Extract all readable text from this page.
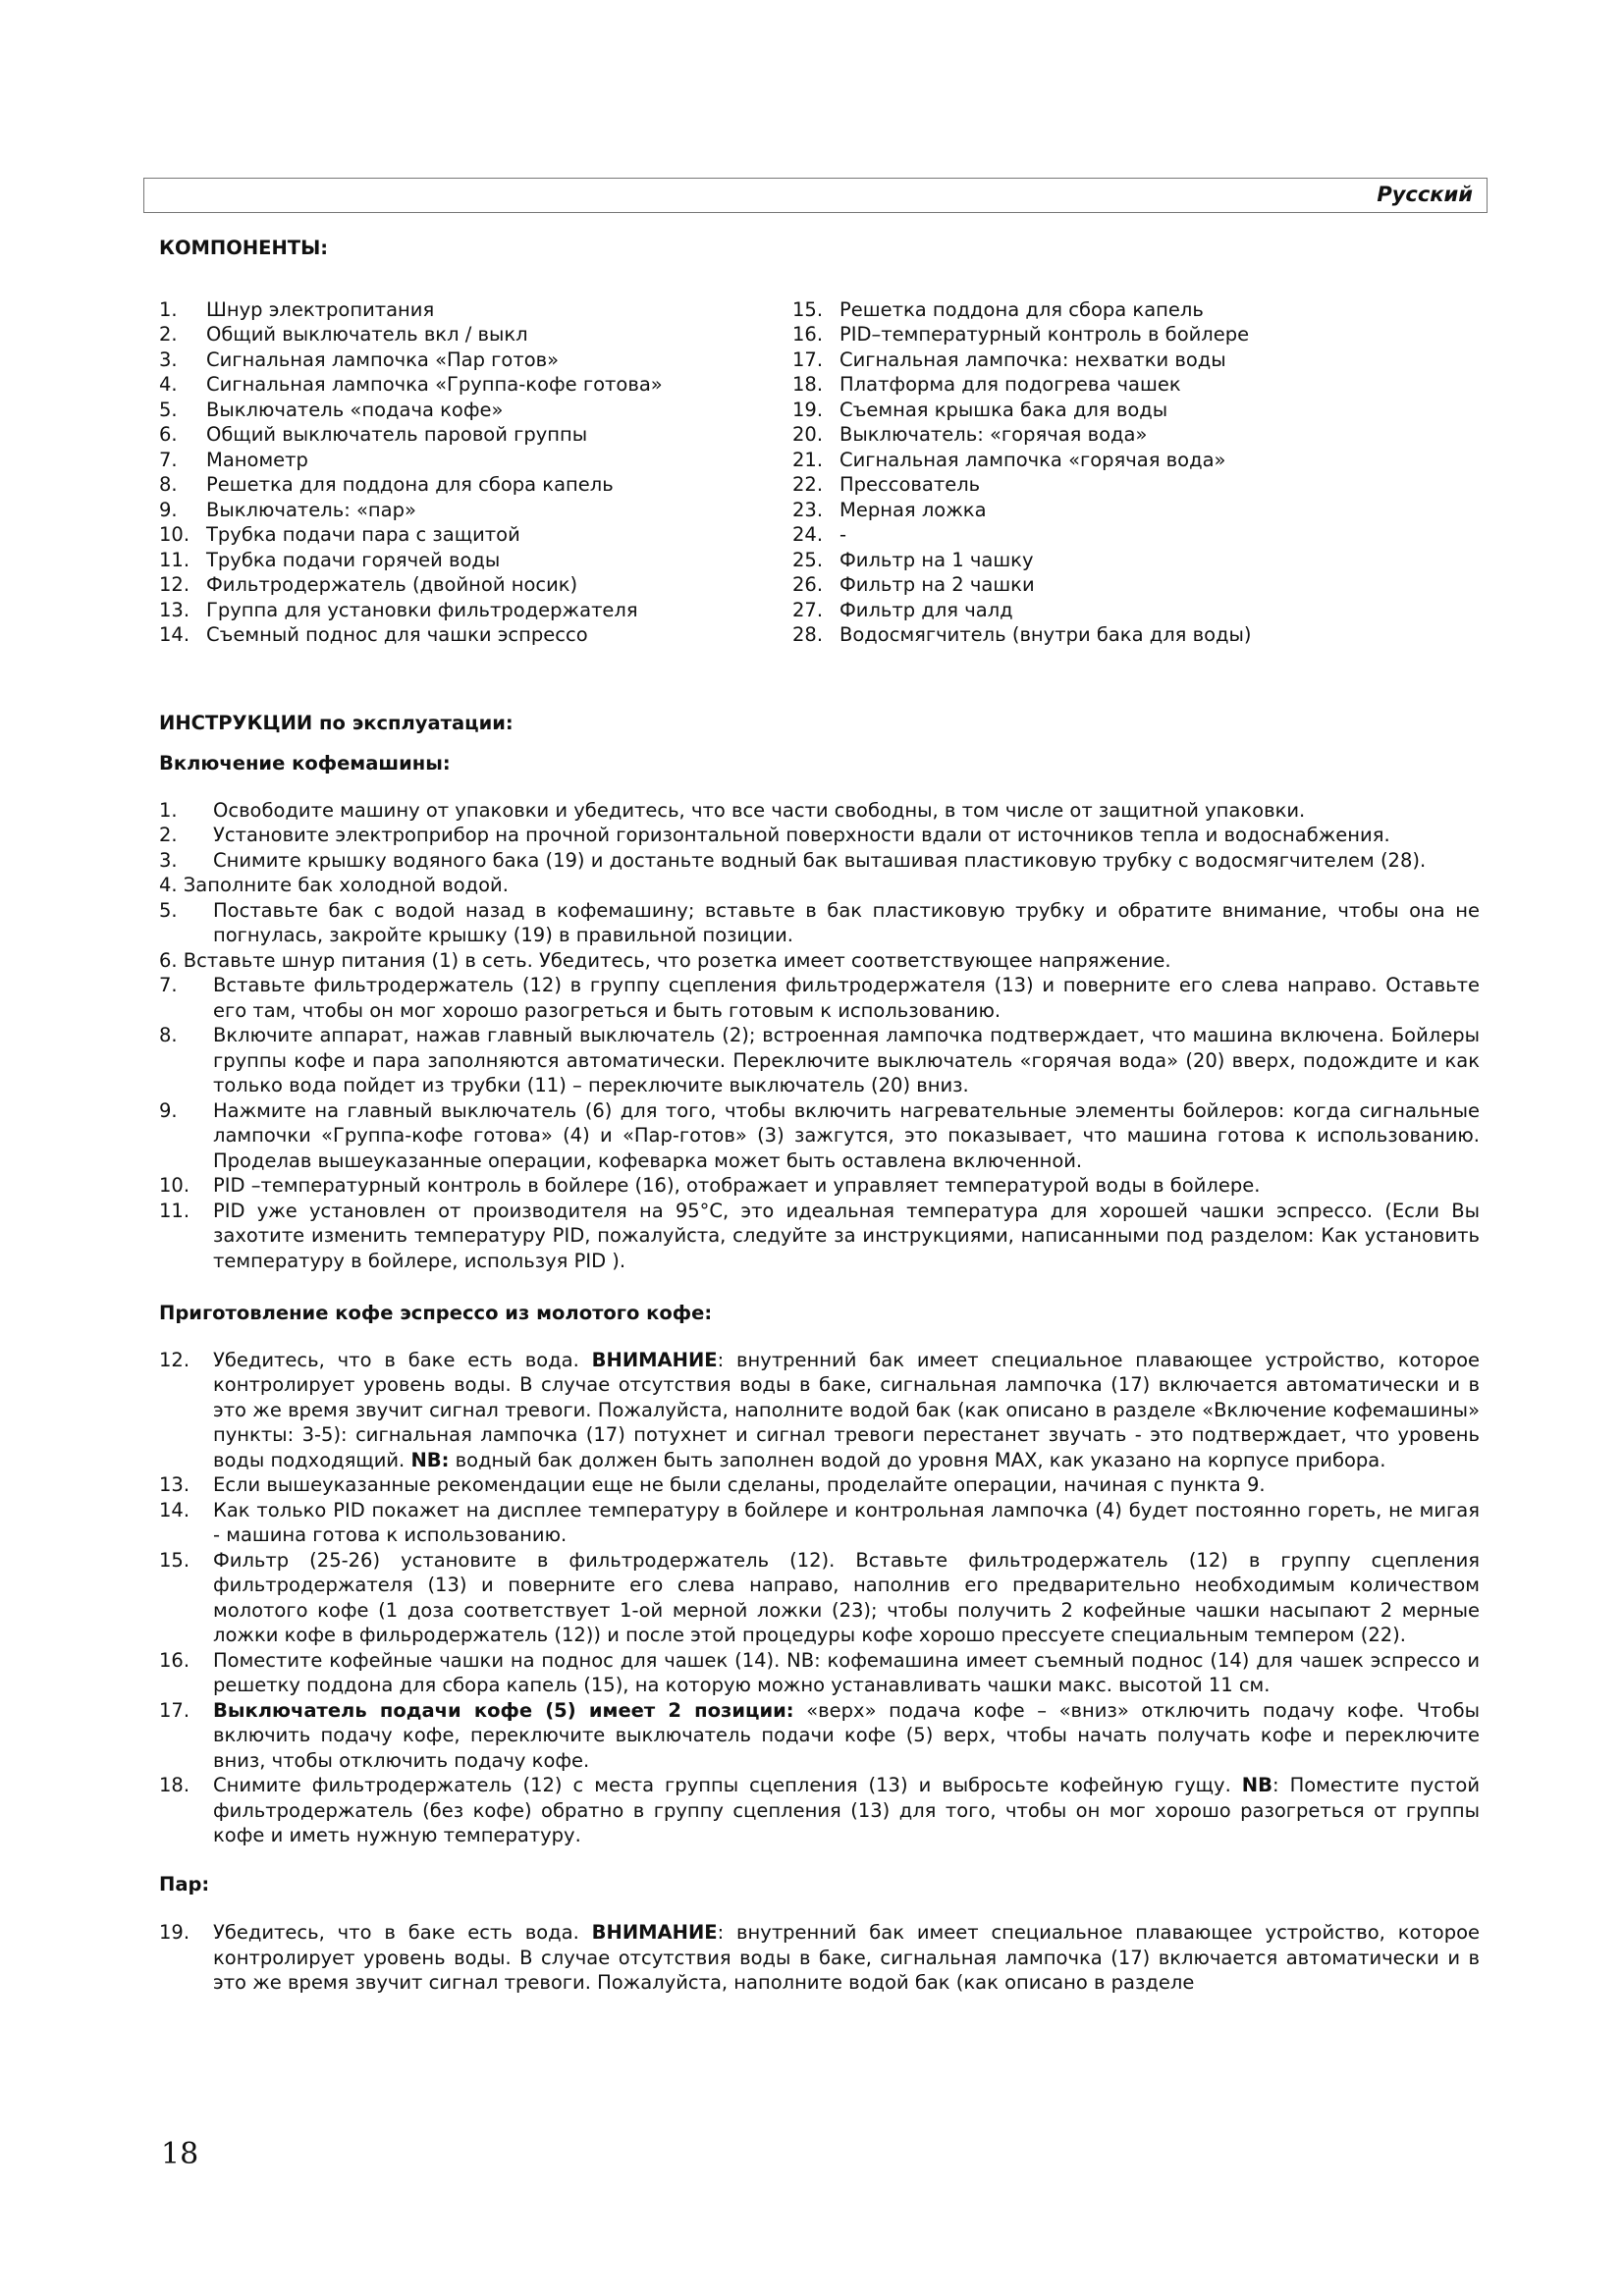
Русский
КОМПОНЕНТЫ:
1.	Шнур электропитания
2.	Общий выключатель вкл / выкл
3.	Сигнальная лампочка «Пар готов»
4.	Сигнальная лампочка «Группа-кофе готова»
5.	Выключатель «подача кофе»
6.	Общий выключатель паровой группы
7.	Манометр
8.	Решетка для поддона для сбора капель
9.	Выключатель: «пар»
10. Трубка подачи пара с защитой
11. Трубка подачи горячей воды
12. Фильтродержатель (двойной носик)
13. Группа для установки фильтродержателя
14. Съемный поднос для чашки эспрессо
15. Решетка поддона для сбора капель
16. PID–температурный контроль в бойлере
17. Сигнальная лампочка: нехватки воды
18. Платформа для подогрева чашек
19. Съемная крышка бака для воды
20. Выключатель: «горячая вода»
21. Сигнальная лампочка «горячая вода»
22. Прессователь
23. Мерная ложка
24. -
25. Фильтр на 1 чашку
26. Фильтр на 2 чашки
27. Фильтр для чалд
28. Водосмягчитель (внутри бака для воды)
ИНСТРУКЦИИ по эксплуатации:
Включение кофемашины:
1.	Освободите машину от упаковки и убедитесь, что все части свободны, в том числе от защитной упаковки.
2.	Установите электроприбор на прочной горизонтальной поверхности вдали от источников тепла и водоснабжения.
3.	Снимите крышку водяного бака (19) и достаньте водный бак выташивая пластиковую трубку с водосмягчителем (28).
4. Заполните бак холодной водой.
5.	Поставьте бак с водой назад в кофемашину; вставьте в бак пластиковую трубку и обратите внимание, чтобы она не погнулась, закройте крышку (19) в правильной позиции.
6. Вставьте шнур питания (1) в сеть. Убедитесь, что розетка имеет соответствующее напряжение.
7.	Вставьте фильтродержатель (12) в группу сцепления фильтродержателя (13) и поверните его слева направо. Оставьте его там, чтобы он мог хорошо разогреться и быть готовым к использованию.
8.	Включите аппарат, нажав главный выключатель (2); встроенная лампочка подтверждает, что машина включена. Бойлеры группы кофе и пара заполняются автоматически. Переключите выключатель «горячая вода» (20) вверх, подождите и как только вода пойдет из трубки (11) – переключите выключатель (20) вниз.
9.	Нажмите на главный выключатель (6) для того, чтобы включить нагревательные элементы бойлеров: когда сигнальные лампочки «Группа-кофе готова» (4) и «Пар-готов» (3) зажгутся, это показывает, что машина готова к использованию. Проделав вышеуказанные операции, кофеварка может быть оставлена включенной.
10.	PID –температурный контроль в бойлере (16), отображает и управляет температурой воды в бойлере.
11.	PID уже установлен от производителя на 95°C, это идеальная температура для хорошей чашки эспрессо. (Если Вы захотите изменить температуру PID, пожалуйста, следуйте за инструкциями, написанными под разделом: Как установить температуру в бойлере, используя PID ).
Приготовление кофе эспрессо из молотого кофе:
12.	Убедитесь, что в баке есть вода. ВНИМАНИЕ: внутренний бак имеет специальное плавающее устройство, которое контролирует уровень воды. В случае отсутствия воды в баке, сигнальная лампочка (17) включается автоматически и в это же время звучит сигнал тревоги. Пожалуйста, наполните водой бак (как описано в разделе «Включение кофемашины» пункты: 3-5): сигнальная лампочка (17) потухнет и сигнал тревоги перестанет звучать - это подтверждает, что уровень воды подходящий. NB: водный бак должен быть заполнен водой до уровня MAX, как указано на корпусе прибора.
13.	Если вышеуказанные рекомендации еще не были сделаны, проделайте операции, начиная с пункта 9.
14.	Как только PID покажет на дисплее температуру в бойлере и контрольная лампочка (4) будет постоянно гореть, не мигая - машина готова к использованию.
15.	Фильтр (25-26) установите в фильтродержатель (12). Вставьте фильтродержатель (12) в группу сцепления фильтродержателя (13) и поверните его слева направо, наполнив его предварительно необходимым количеством молотого кофе (1 доза соответствует 1-ой мерной ложки (23); чтобы получить 2 кофейные чашки насыпают 2 мерные ложки кофе в фильродержатель (12)) и после этой процедуры кофе хорошо прессуете специальным темпером (22).
16.	Поместите кофейные чашки на поднос для чашек (14). NB: кофемашина имеет съемный поднос (14) для чашек эспрессо и решетку поддона для сбора капель (15), на которую можно устанавливать чашки макс. высотой 11 см.
17.	Выключатель подачи кофе (5) имеет 2 позиции: «верх» подача кофе – «вниз» отключить подачу кофе. Чтобы включить подачу кофе, переключите выключатель подачи кофе (5) верх, чтобы начать получать кофе и переключите вниз, чтобы отключить подачу кофе.
18.	Снимите фильтродержатель (12) с места группы сцепления (13) и выбросьте кофейную гущу. NB: Поместите пустой фильтродержатель (без кофе) обратно в группу сцепления (13) для того, чтобы он мог хорошо разогреться от группы кофе и иметь нужную температуру.
Пар:
19.	Убедитесь, что в баке есть вода. ВНИМАНИЕ: внутренний бак имеет специальное плавающее устройство, которое контролирует уровень воды. В случае отсутствия воды в баке, сигнальная лампочка (17) включается автоматически и в это же время звучит сигнал тревоги. Пожалуйста, наполните водой бак (как описано в разделе
18
